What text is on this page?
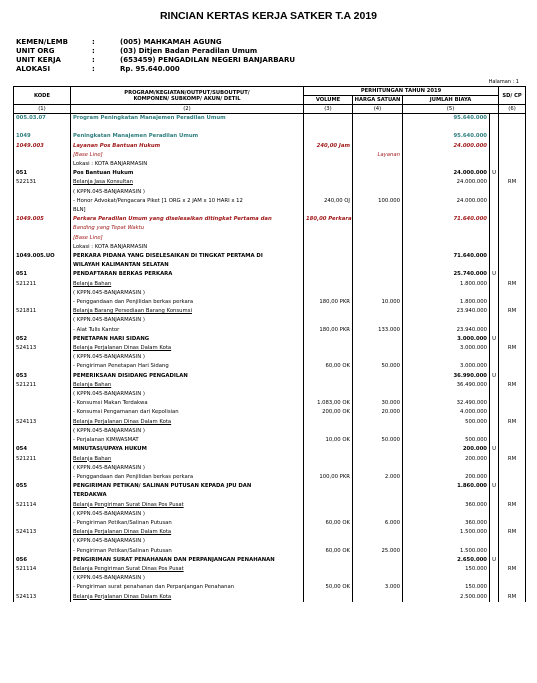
RINCIAN KERTAS KERJA SATKER T.A 2019
KEMEN/LEMB	:	(005) MAHKAMAH AGUNG
UNIT ORG	:	(03) Ditjen Badan Peradilan Umum
UNIT KERJA	:	(653459) PENGADILAN NEGERI BANJARBARU
ALOKASI	:	Rp. 95.640.000
Halaman : 1
KODE	PROGRAM/KEGIATAN/OUTPUT/SUBOUTPUT/
KOMPONEN/ SUBKOMP/ AKUN/ DETIL	PERHITUNGAN TAHUN 2019				SD/ CP
		VOLUME	HARGA SATUAN	JUMLAH BIAYA		
(1)	(2)	(3)	(4)	(5)		(6)
005.03.07	Program Peningkatan Manajemen Peradilan Umum			95.640.000		

1049	Peningkatan Manajemen Peradilan Umum			95.640.000		
1049.003	Layanan Pos Bantuan Hukum	240,00 Jam		24.000.000		
	[Base Line]		Layanan			
	Lokasi : KOTA BANJARMASIN					
051	Pos Bantuan Hukum			24.000.000	U	
522131	Belanja Jasa Konsultan			24.000.000		RM
	( KPPN.045-BANJARMASIN )					
	- Honor Advokat/Pengacara Piket [1 ORG x 2 JAM x 10 HARI x 12	240,00 OJ	100.000	24.000.000		
	BLN]					
1049.005	Perkara Peradilan Umum yang diselesaikan ditingkat Pertama dan	180,00 Perkara		71.640.000		
	Banding yang Tepat Waktu					
	[Base Line]					
	Lokasi : KOTA BANJARMASIN					
1049.005.UO	PERKARA PIDANA YANG DISELESAIKAN DI TINGKAT PERTAMA DI			71.640.000		
	WILAYAH KALIMANTAN SELATAN					
051	PENDAFTARAN BERKAS PERKARA			25.740.000	U	
521211	Belanja Bahan			1.800.000		RM
	( KPPN.045-BANJARMASIN )					
	- Penggandaan dan Penjilidan berkas perkara	180,00 PKR	10.000	1.800.000		
521811	Belanja Barang Persediaan Barang Konsumsi			23.940.000		RM
	( KPPN.045-BANJARMASIN )					
	- Alat Tulis Kantor	180,00 PKR	133.000	23.940.000		
052	PENETAPAN HARI SIDANG			3.000.000	U	
524113	Belanja Perjalanan Dinas Dalam Kota			3.000.000		RM
	( KPPN.045-BANJARMASIN )					
	- Pengiriman Penetapan Hari Sidang	60,00 OK	50.000	3.000.000		
053	PEMERIKSAAN DISIDANG PENGADILAN			36.990.000	U	
521211	Belanja Bahan			36.490.000		RM
	( KPPN.045-BANJARMASIN )					
	- Konsumsi Makan Terdakwa	1.083,00 OK	30.000	32.490.000		
	- Konsumsi Pengamanan dari Kepolisian	200,00 OK	20.000	4.000.000		
524113	Belanja Perjalanan Dinas Dalam Kota			500.000		RM
	( KPPN.045-BANJARMASIN )					
	- Perjalanan KIMWASMAT	10,00 OK	50.000	500.000		
054	MINUTASI/UPAYA HUKUM			200.000	U	
521211	Belanja Bahan			200.000		RM
	( KPPN.045-BANJARMASIN )					
	- Penggandaan dan Penjilidan berkas perkara	100,00 PKR	2.000	200.000		
055	PENGIRIMAN PETIKAN/ SALINAN PUTUSAN KEPADA JPU DAN			1.860.000	U	
	TERDAKWA					
521114	Belanja Pengiriman Surat Dinas Pos Pusat			360.000		RM
	( KPPN.045-BANJARMASIN )					
	- Pengiriman Petikan/Salinan Putusan	60,00 OK	6.000	360.000		
524113	Belanja Perjalanan Dinas Dalam Kota			1.500.000		RM
	( KPPN.045-BANJARMASIN )					
	- Pengiriman Petikan/Salinan Putusan	60,00 OK	25.000	1.500.000		
056	PENGIRIMAN SURAT PENAHANAN DAN PERPANJANGAN PENAHANAN			2.650.000	U	
521114	Belanja Pengiriman Surat Dinas Pos Pusat			150.000		RM
	( KPPN.045-BANJARMASIN )					
	- Pengiriman surat penahanan dan Perpanjangan Penahanan	50,00 OK	3.000	150.000		
524113	Belanja Perjalanan Dinas Dalam Kota			2.500.000		RM
